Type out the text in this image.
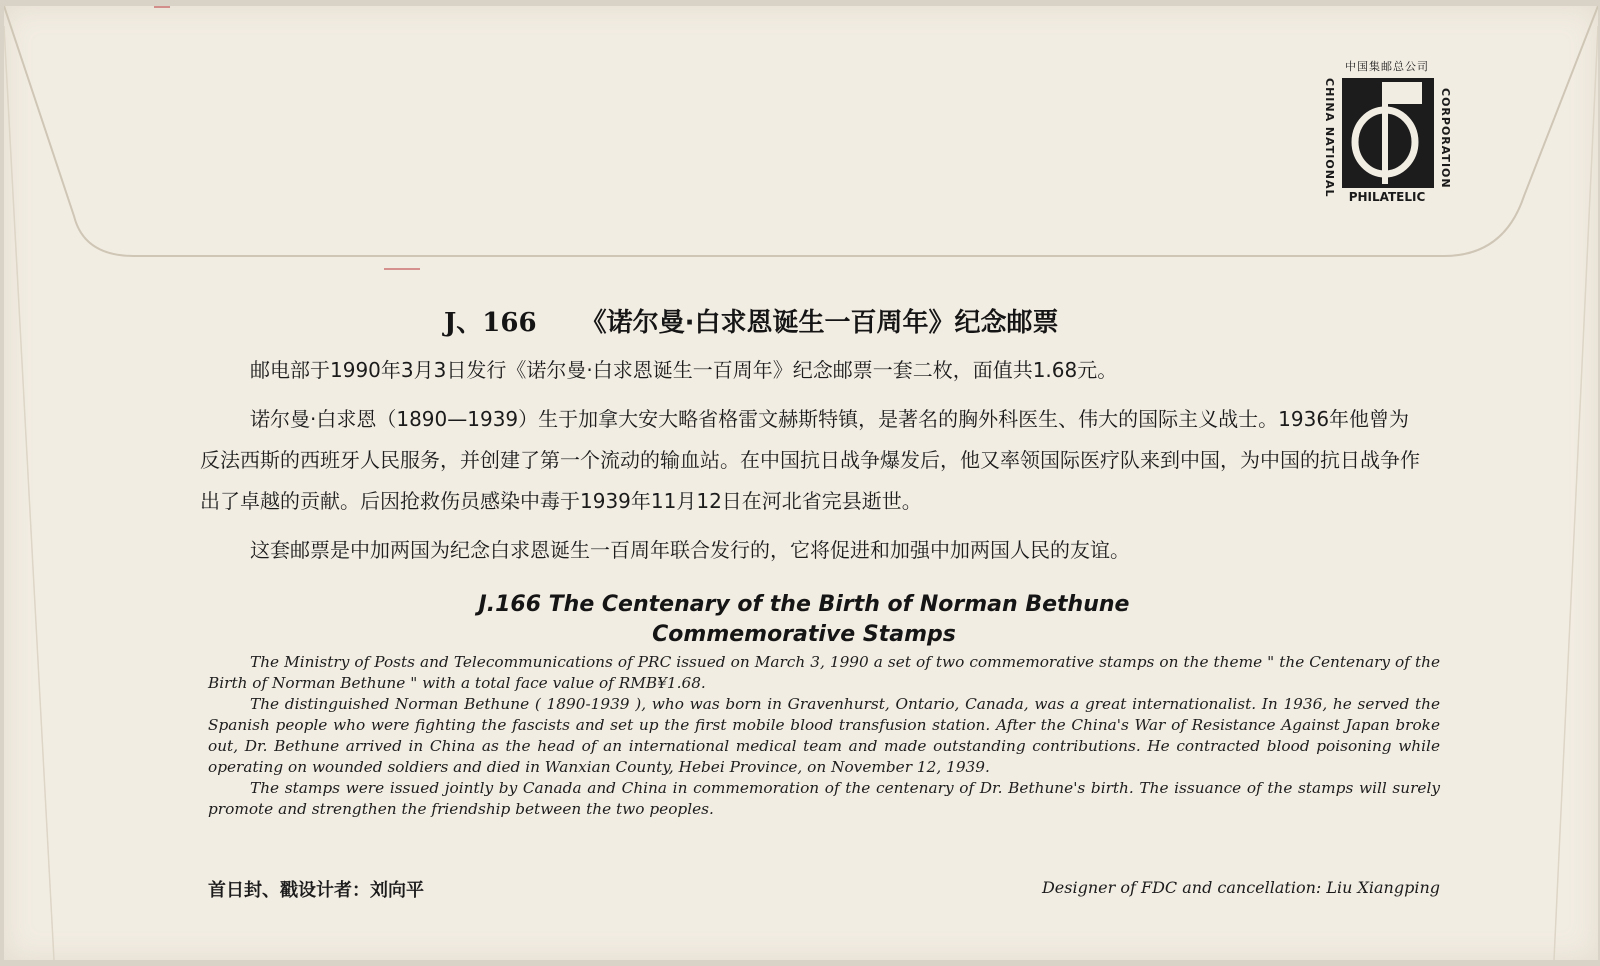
中国集邮总公司
CHINA NATIONAL	CORPORATION
PHILATELIC
J、166 《诺尔曼·白求恩诞生一百周年》纪念邮票

邮电部于1990年3月3日发行《诺尔曼·白求恩诞生一百周年》纪念邮票一套二枚，面值共1.68元。

诺尔曼·白求恩（1890—1939）生于加拿大安大略省格雷文赫斯特镇，是著名的胸外科医生、伟大的国际主义战士。1936年他曾为反法西斯的西班牙人民服务，并创建了第一个流动的输血站。在中国抗日战争爆发后，他又率领国际医疗队来到中国，为中国的抗日战争作出了卓越的贡献。后因抢救伤员感染中毒于1939年11月12日在河北省完县逝世。

这套邮票是中加两国为纪念白求恩诞生一百周年联合发行的，它将促进和加强中加两国人民的友谊。

J.166 The Centenary of the Birth of Norman Bethune
Commemorative Stamps

The Ministry of Posts and Telecommunications of PRC issued on March 3, 1990 a set of two commemorative stamps on the theme " the Centenary of the Birth of Norman Bethune " with a total face value of RMB¥1.68.

The distinguished Norman Bethune ( 1890-1939 ), who was born in Gravenhurst, Ontario, Canada, was a great internationalist. In 1936, he served the Spanish people who were fighting the fascists and set up the first mobile blood transfusion station. After the China's War of Resistance Against Japan broke out, Dr. Bethune arrived in China as the head of an international medical team and made outstanding contributions. He contracted blood poisoning while operating on wounded soldiers and died in Wanxian County, Hebei Province, on November 12, 1939.

The stamps were issued jointly by Canada and China in commemoration of the centenary of Dr. Bethune's birth. The issuance of the stamps will surely promote and strengthen the friendship between the two peoples.

首日封、戳设计者：刘向平	Designer of FDC and cancellation: Liu Xiangping
